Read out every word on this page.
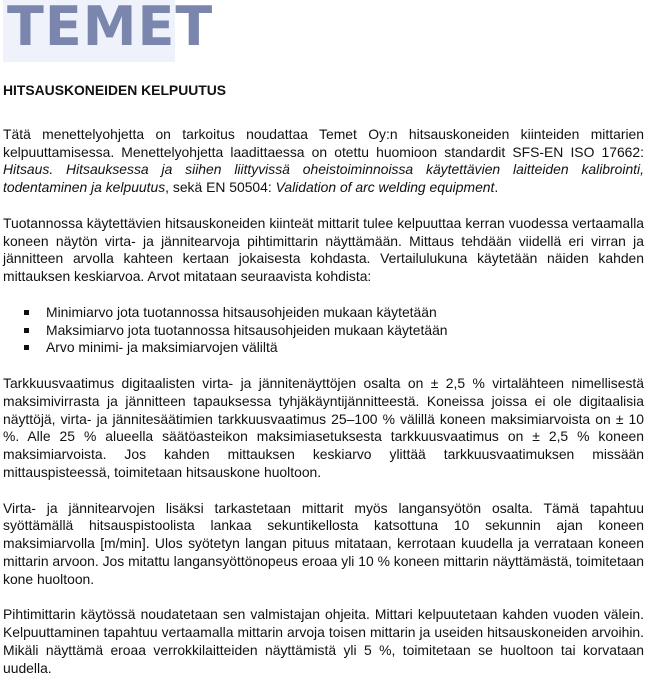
TEMET
HITSAUSKONEIDEN KELPUUTUS

Tätä menettelyohjetta on tarkoitus noudattaa Temet Oy:n hitsauskoneiden kiinteiden mittarien kelpuuttamisessa. Menettelyohjetta laadittaessa on otettu huomioon standardit SFS-EN ISO 17662: Hitsaus. Hitsauksessa ja siihen liittyvissä oheistoiminnoissa käytettävien laitteiden kalibrointi, todentaminen ja kelpuutus, sekä EN 50504: Validation of arc welding equipment.

Tuotannossa käytettävien hitsauskoneiden kiinteät mittarit tulee kelpuuttaa kerran vuodessa vertaamalla koneen näytön virta- ja jännitearvoja pihtimittarin näyttämään. Mittaus tehdään viidellä eri virran ja jännitteen arvolla kahteen kertaan jokaisesta kohdasta. Vertailulukuna käytetään näiden kahden mittauksen keskiarvoa. Arvot mitataan seuraavista kohdista:

Minimiarvo jota tuotannossa hitsausohjeiden mukaan käytetään
Maksimiarvo jota tuotannossa hitsausohjeiden mukaan käytetään
Arvo minimi- ja maksimiarvojen väliltä

Tarkkuusvaatimus digitaalisten virta- ja jännitenäyttöjen osalta on ± 2,5 % virtalähteen nimellisestä maksimivirrasta ja jännitteen tapauksessa tyhjäkäyntijännitteestä. Koneissa joissa ei ole digitaalisia näyttöjä, virta- ja jännitesäätimien tarkkuusvaatimus 25–100 % välillä koneen maksimiarvoista on ± 10 %. Alle 25 % alueella säätöasteikon maksimiasetuksesta tarkkuusvaatimus on ± 2,5 % koneen maksimiarvoista. Jos kahden mittauksen keskiarvo ylittää tarkkuusvaatimuksen missään mittauspisteessä, toimitetaan hitsauskone huoltoon.

Virta- ja jännitearvojen lisäksi tarkastetaan mittarit myös langansyötön osalta. Tämä tapahtuu syöttämällä hitsauspistoolista lankaa sekuntikellosta katsottuna 10 sekunnin ajan koneen maksimiarvolla [m/min]. Ulos syötetyn langan pituus mitataan, kerrotaan kuudella ja verrataan koneen mittarin arvoon. Jos mitattu langansyöttönopeus eroaa yli 10 % koneen mittarin näyttämästä, toimitetaan kone huoltoon.

Pihtimittarin käytössä noudatetaan sen valmistajan ohjeita. Mittari kelpuutetaan kahden vuoden välein. Kelpuuttaminen tapahtuu vertaamalla mittarin arvoja toisen mittarin ja useiden hitsauskoneiden arvoihin. Mikäli näyttämä eroaa verrokkilaitteiden näyttämistä yli 5 %, toimitetaan se huoltoon tai korvataan uudella.
